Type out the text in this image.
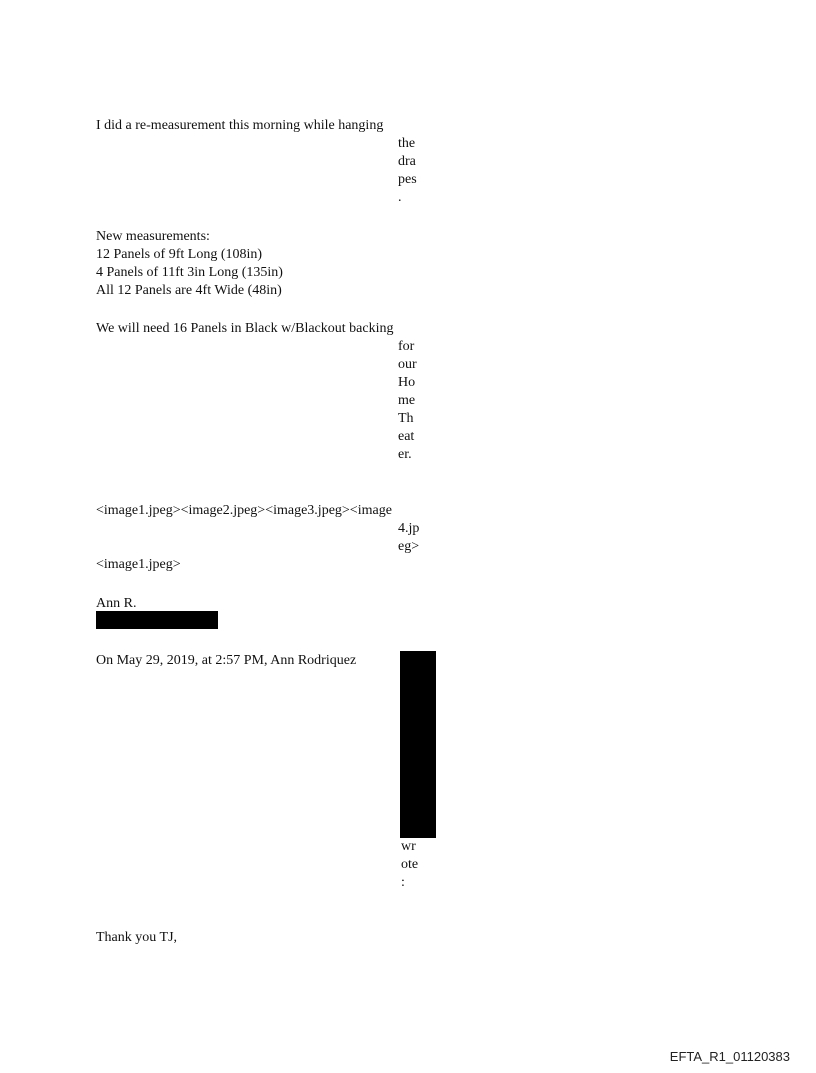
I did a re-measurement this morning while hanging
the
dra
pes
.
New measurements:
12 Panels of 9ft Long (108in)
4 Panels of 11ft 3in Long (135in)
All 12 Panels are 4ft Wide (48in)
We will need 16 Panels in Black w/Blackout backing
for
our
Ho
me
Th
eat
er.
<image1.jpeg><image2.jpeg><image3.jpeg><image
4.jp
eg>
<image1.jpeg>
Ann R.
On May 29, 2019, at 2:57 PM, Ann Rodriquez
wr
ote
:
Thank you TJ,
EFTA_R1_01120383
